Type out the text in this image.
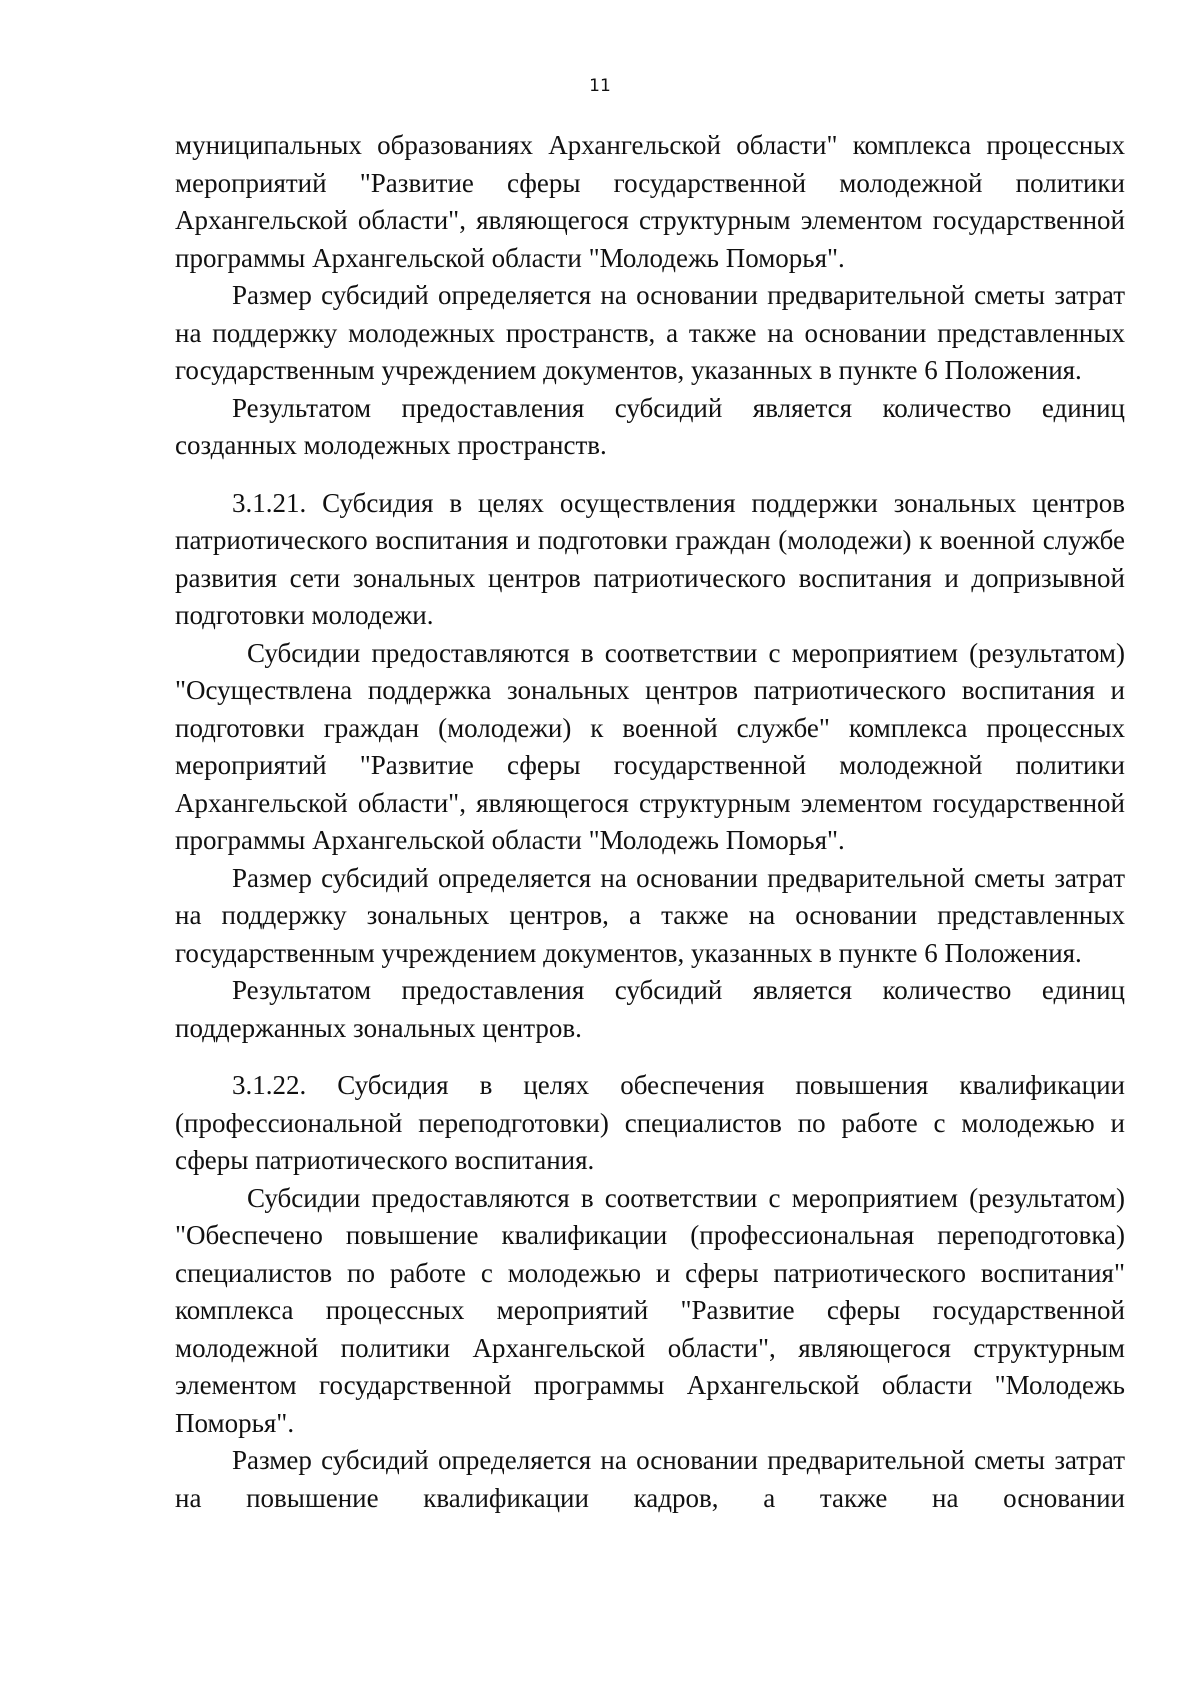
11

муниципальных образованиях Архангельской области" комплекса процессных мероприятий "Развитие сферы государственной молодежной политики Архангельской области", являющегося структурным элементом государственной программы Архангельской области "Молодежь Поморья".

Размер субсидий определяется на основании предварительной сметы затрат на поддержку молодежных пространств, а также на основании представленных государственным учреждением документов, указанных в пункте 6 Положения.

Результатом предоставления субсидий является количество единиц созданных молодежных пространств.

3.1.21. Субсидия в целях осуществления поддержки зональных центров патриотического воспитания и подготовки граждан (молодежи) к военной службе развития сети зональных центров патриотического воспитания и допризывной подготовки молодежи.

Субсидии предоставляются в соответствии с мероприятием (результатом) "Осуществлена поддержка зональных центров патриотического воспитания и подготовки граждан (молодежи) к военной службе" комплекса процессных мероприятий "Развитие сферы государственной молодежной политики Архангельской области", являющегося структурным элементом государственной программы Архангельской области "Молодежь Поморья".

Размер субсидий определяется на основании предварительной сметы затрат на поддержку зональных центров, а также на основании представленных государственным учреждением документов, указанных в пункте 6 Положения.

Результатом предоставления субсидий является количество единиц поддержанных зональных центров.

3.1.22. Субсидия в целях обеспечения повышения квалификации (профессиональной переподготовки) специалистов по работе с молодежью и сферы патриотического воспитания.

Субсидии предоставляются в соответствии с мероприятием (результатом) "Обеспечено повышение квалификации (профессиональная переподготовка) специалистов по работе с молодежью и сферы патриотического воспитания" комплекса процессных мероприятий "Развитие сферы государственной молодежной политики Архангельской области", являющегося структурным элементом государственной программы Архангельской области "Молодежь Поморья".

Размер субсидий определяется на основании предварительной сметы затрат на повышение квалификации кадров, а также на основании
